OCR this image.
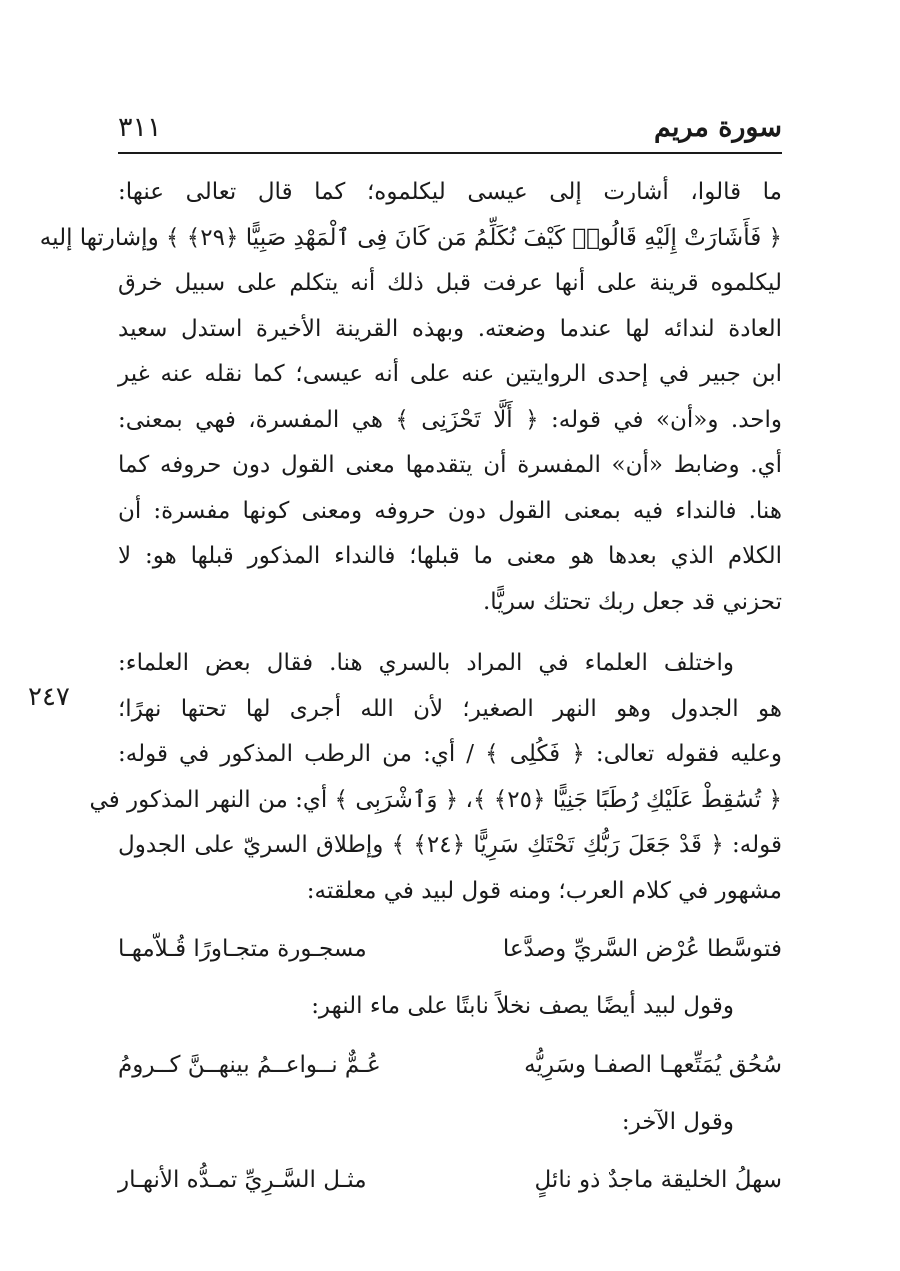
سورة مريم
٣١١
٢٤٧
ما قالوا، أشارت إلى عيسى ليكلموه؛ كما قال تعالى عنها:
﴿ فَأَشَارَتْ إِلَيْهِ قَالُوا۟ كَيْفَ نُكَلِّمُ مَن كَانَ فِى ٱلْمَهْدِ صَبِيًّا ﴿٢٩﴾ ﴾ وإشارتها إليه
ليكلموه قرينة على أنها عرفت قبل ذلك أنه يتكلم على سبيل خرق
العادة لندائه لها عندما وضعته. وبهذه القرينة الأخيرة استدل سعيد
ابن جبير في إحدى الروايتين عنه على أنه عيسى؛ كما نقله عنه غير
واحد. و«أن» في قوله: ﴿ أَلَّا تَحْزَنِى ﴾ هي المفسرة، فهي بمعنى:
أي. وضابط «أن» المفسرة أن يتقدمها معنى القول دون حروفه كما
هنا. فالنداء فيه بمعنى القول دون حروفه ومعنى كونها مفسرة: أن
الكلام الذي بعدها هو معنى ما قبلها؛ فالنداء المذكور قبلها هو: لا
تحزني قد جعل ربك تحتك سريًّا.
واختلف العلماء في المراد بالسري هنا. فقال بعض العلماء:
هو الجدول وهو النهر الصغير؛ لأن الله أجرى لها تحتها نهرًا؛
وعليه فقوله تعالى: ﴿ فَكُلِى ﴾ / أي: من الرطب المذكور في قوله:
﴿ تُسَٰقِطْ عَلَيْكِ رُطَبًا جَنِيًّا ﴿٢٥﴾ ﴾، ﴿ وَٱشْرَبِى ﴾ أي: من النهر المذكور في
قوله: ﴿ قَدْ جَعَلَ رَبُّكِ تَحْتَكِ سَرِيًّا ﴿٢٤﴾ ﴾ وإطلاق السريّ على الجدول
مشهور في كلام العرب؛ ومنه قول لبيد في معلقته:
فتوسَّطا عُرْض السَّريِّ وصدَّعا
مسجـورة متجـاورًا قُـلاّمهـا
وقول لبيد أيضًا يصف نخلاً نابتًا على ماء النهر:
سُحُق يُمَتِّعهـا الصفـا وسَرِيُّه
عُـمٌّ نــواعــمُ بينهــنَّ كــرومُ
وقول الآخر:
سهلُ الخليقة ماجدٌ ذو نائلٍ
مثـل السَّـرِيِّ تمـدُّه الأنهـار
